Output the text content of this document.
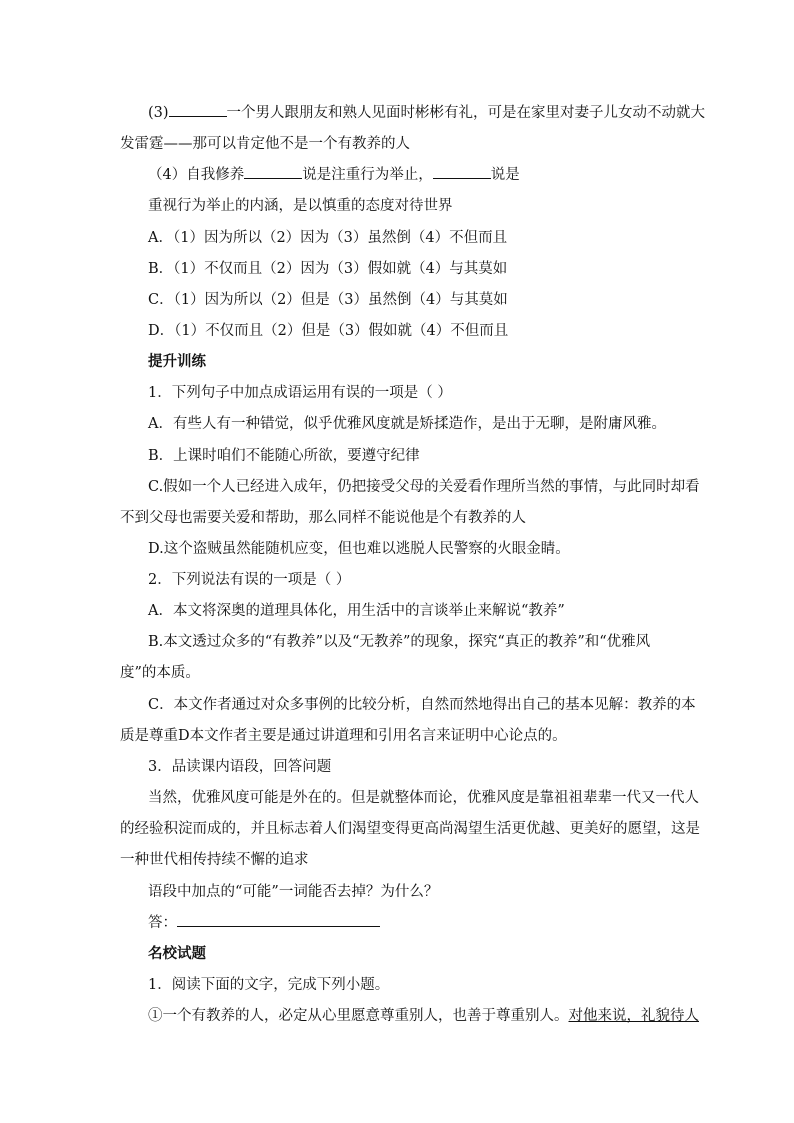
(3)	一个男人跟朋友和熟人见面时彬彬有礼，可是在家里对妻子儿女动不动就大
发雷霆——那可以肯定他不是一个有教养的人
（4）自我修养	说是注重行为举止，	说是
重视行为举止的内涵，是以慎重的态度对待世界
A．（1）因为所以（2）因为（3）虽然倒（4）不但而且
B．（1）不仅而且（2）因为（3）假如就（4）与其莫如
C．（1）因为所以（2）但是（3）虽然倒（4）与其莫如
D．（1）不仅而且（2）但是（3）假如就（4）不但而且
提升训练
1．下列句子中加点成语运用有误的一项是（ ）
A．有些人有一种错觉，似乎优雅风度就是矫揉造作，是出于无聊，是附庸风雅。
B．上课时咱们不能随心所欲，要遵守纪律
C.假如一个人已经进入成年，仍把接受父母的关爱看作理所当然的事情，与此同时却看
不到父母也需要关爱和帮助，那么同样不能说他是个有教养的人
D.这个盗贼虽然能随机应变，但也难以逃脱人民警察的火眼金睛。
2．下列说法有误的一项是（ ）
A．本文将深奥的道理具体化，用生活中的言谈举止来解说“教养”
B.本文透过众多的“有教养”以及“无教养”的现象，探究“真正的教养”和“优雅风
度”的本质。
C．本文作者通过对众多事例的比较分析，自然而然地得出自己的基本见解：教养的本
质是尊重D本文作者主要是通过讲道理和引用名言来证明中心论点的。
3．品读课内语段，回答问题
当然，优雅风度可能是外在的。但是就整体而论，优雅风度是靠祖祖辈辈一代又一代人
的经验积淀而成的，并且标志着人们渴望变得更高尚渴望生活更优越、更美好的愿望，这是
一种世代相传持续不懈的追求
语段中加点的“可能”一词能否去掉？为什么？
答：
名校试题
1．阅读下面的文字，完成下列小题。
①一个有教养的人，必定从心里愿意尊重别人，也善于尊重别人。对他来说，礼貌待人
